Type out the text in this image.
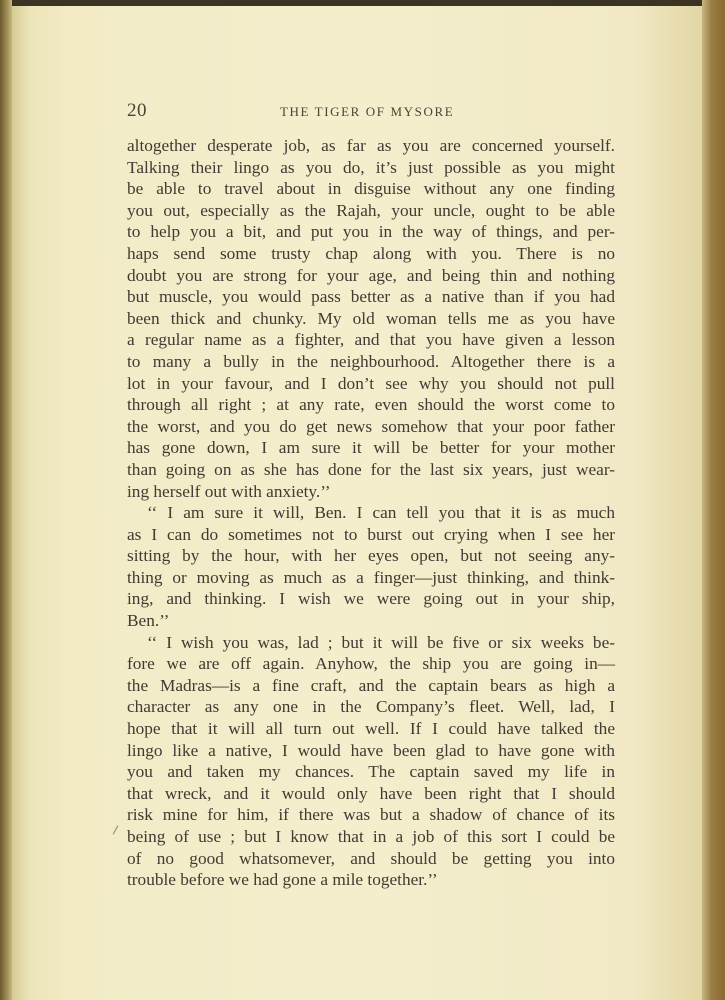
20	THE TIGER OF MYSORE
altogether desperate job, as far as you are concerned yourself.
Talking their lingo as you do, it’s just possible as you might
be able to travel about in disguise without any one finding
you out, especially as the Rajah, your uncle, ought to be able
to help you a bit, and put you in the way of things, and per-
haps send some trusty chap along with you. There is no
doubt you are strong for your age, and being thin and nothing
but muscle, you would pass better as a native than if you had
been thick and chunky. My old woman tells me as you have
a regular name as a fighter, and that you have given a lesson
to many a bully in the neighbourhood. Altogether there is a
lot in your favour, and I don’t see why you should not pull
through all right ; at any rate, even should the worst come to
the worst, and you do get news somehow that your poor father
has gone down, I am sure it will be better for your mother
than going on as she has done for the last six years, just wear-
ing herself out with anxiety.’’
‘‘ I am sure it will, Ben. I can tell you that it is as much
as I can do sometimes not to burst out crying when I see her
sitting by the hour, with her eyes open, but not seeing any-
thing or moving as much as a finger—just thinking, and think-
ing, and thinking. I wish we were going out in your ship,
Ben.’’
‘‘ I wish you was, lad ; but it will be five or six weeks be-
fore we are off again. Anyhow, the ship you are going in—
the Madras—is a fine craft, and the captain bears as high a
character as any one in the Company’s fleet. Well, lad, I
hope that it will all turn out well. If I could have talked the
lingo like a native, I would have been glad to have gone with
you and taken my chances. The captain saved my life in
that wreck, and it would only have been right that I should
risk mine for him, if there was but a shadow of chance of its
being of use ; but I know that in a job of this sort I could be
of no good whatsomever, and should be getting you into
trouble before we had gone a mile together.’’
